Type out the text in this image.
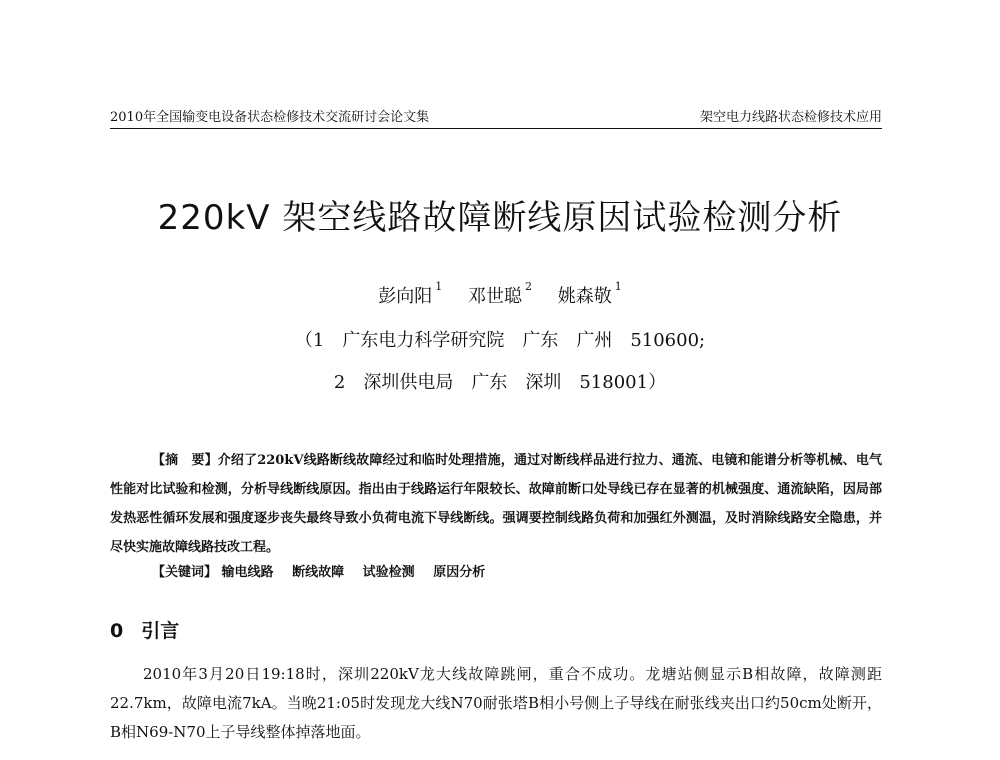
2010年全国输变电设备状态检修技术交流研讨会论文集	架空电力线路状态检修技术应用
220kV 架空线路故障断线原因试验检测分析
彭向阳 $^1$ 邓世聪 $^2$ 姚森敬 $^1$
（1　广东电力科学研究院　广东　广州　510600;
2　深圳供电局　广东　深圳　518001）
【摘　要】介绍了220kV线路断线故障经过和临时处理措施，通过对断线样品进行拉力、通流、电镜和能谱分析等机械、电气性能对比试验和检测，分析导线断线原因。指出由于线路运行年限较长、故障前断口处导线已存在显著的机械强度、通流缺陷，因局部发热恶性循环发展和强度逐步丧失最终导致小负荷电流下导线断线。强调要控制线路负荷和加强红外测温，及时消除线路安全隐患，并尽快实施故障线路技改工程。
【关键词】 输电线路 断线故障 试验检测 原因分析
0 引言
2010年3月20日19:18时，深圳220kV龙大线故障跳闸，重合不成功。龙塘站侧显示B相故障，故障测距22.7km，故障电流7kA。当晚21:05时发现龙大线N70耐张塔B相小号侧上子导线在耐张线夹出口约50cm处断开，B相N69-N70上子导线整体掉落地面。
